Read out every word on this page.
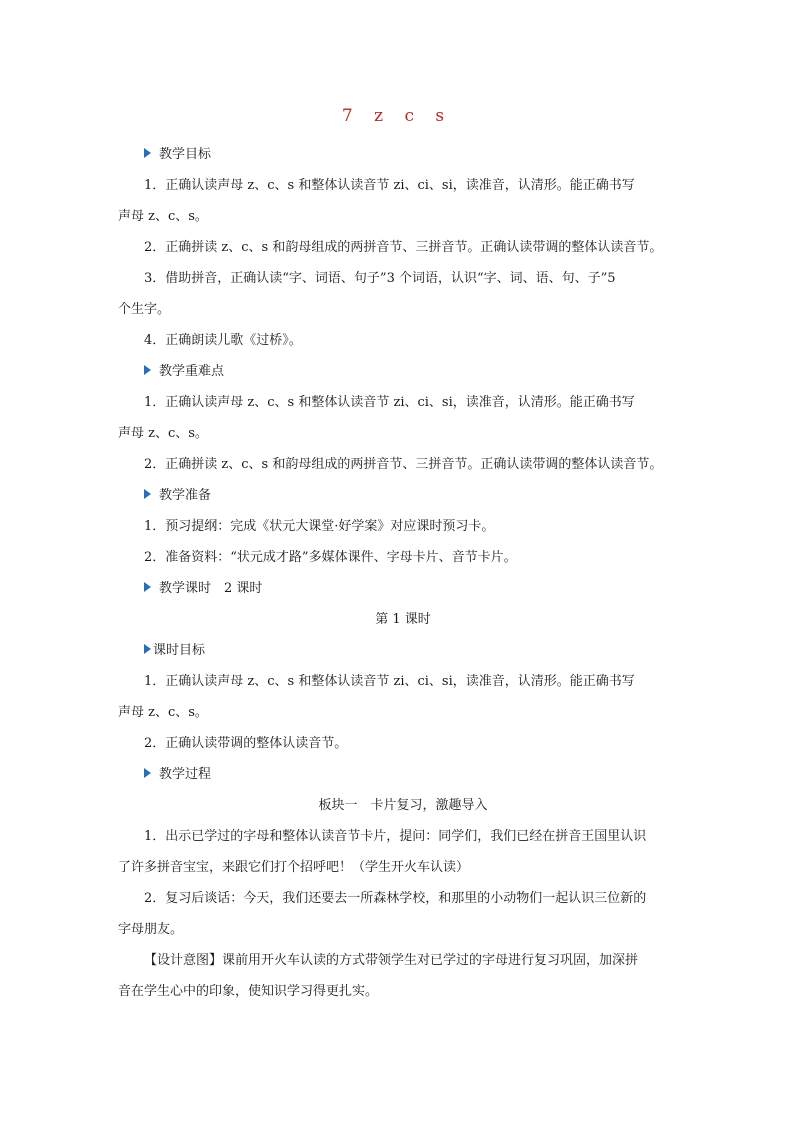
7 z c s
教学目标
1．正确认读声母 z、c、s 和整体认读音节 zi、ci、si，读准音，认清形。能正确书写
声母 z、c、s。
2．正确拼读 z、c、s 和韵母组成的两拼音节、三拼音节。正确认读带调的整体认读音节。
3．借助拼音，正确认读“字、词语、句子”3 个词语，认识“字、词、语、句、子”5
个生字。
4．正确朗读儿歌《过桥》。
教学重难点
1．正确认读声母 z、c、s 和整体认读音节 zi、ci、si，读准音，认清形。能正确书写
声母 z、c、s。
2．正确拼读 z、c、s 和韵母组成的两拼音节、三拼音节。正确认读带调的整体认读音节。
教学准备
1．预习提纲：完成《状元大课堂·好学案》对应课时预习卡。
2．准备资料：“状元成才路”多媒体课件、字母卡片、音节卡片。
教学课时　 2 课时
第 1 课时
课时目标
1．正确认读声母 z、c、s 和整体认读音节 zi、ci、si，读准音，认清形。能正确书写
声母 z、c、s。
2．正确认读带调的整体认读音节。
教学过程
板块一　卡片复习，激趣导入
1．出示已学过的字母和整体认读音节卡片，提问：同学们，我们已经在拼音王国里认识
了许多拼音宝宝，来跟它们打个招呼吧！（学生开火车认读）
2．复习后谈话：今天，我们还要去一所森林学校，和那里的小动物们一起认识三位新的
字母朋友。
【设计意图】课前用开火车认读的方式带领学生对已学过的字母进行复习巩固，加深拼
音在学生心中的印象，使知识学习得更扎实。
